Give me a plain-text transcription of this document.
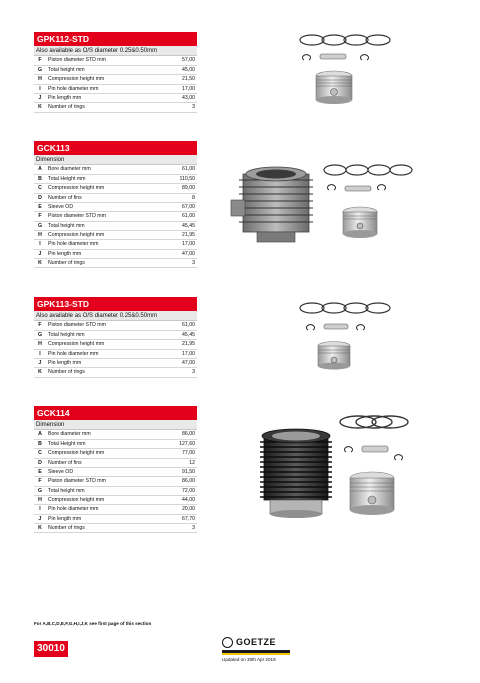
GPK112-STD
Also available as O/S diameter 0.25&0.50mm
F	Piston diameter STD mm	57,00
G	Total height mm	45,00
H	Compression height mm	21,50
I	Pin hole diameter mm	17,00
J	Pin length mm	43,00
K	Number of rings	3
GCK113
Dimension
A	Bore diameter mm	61,00
B	Total Height mm	110,50
C	Compression height mm	89,00
D	Number of fins	8
E	Sleeve OD	67,00
F	Piston diameter STD mm	61,00
G	Total height mm	45,45
H	Compression height mm	21,95
I	Pin hole diameter mm	17,00
J	Pin length mm	47,00
K	Number of rings	3
GPK113-STD
Also available as O/S diameter 0.25&0.50mm
F	Piston diameter STD mm	61,00
G	Total height mm	45,45
H	Compression height mm	21,95
I	Pin hole diameter mm	17,00
J	Pin length mm	47,00
K	Number of rings	3
GCK114
Dimension
A	Bore diameter mm	86,00
B	Total Height mm	127,60
C	Compression height mm	77,00
D	Number of fins	12
E	Sleeve OD	91,50
F	Piston diameter STD mm	86,00
G	Total height mm	72,00
H	Compression height mm	44,00
I	Pin hole diameter mm	20,00
J	Pin length mm	67,70
K	Number of rings	3
For A,B,C,D,E,F,G,H,I,J,K see first page of this section
30010
GOETZE
Updated on 30th Apr 2019
